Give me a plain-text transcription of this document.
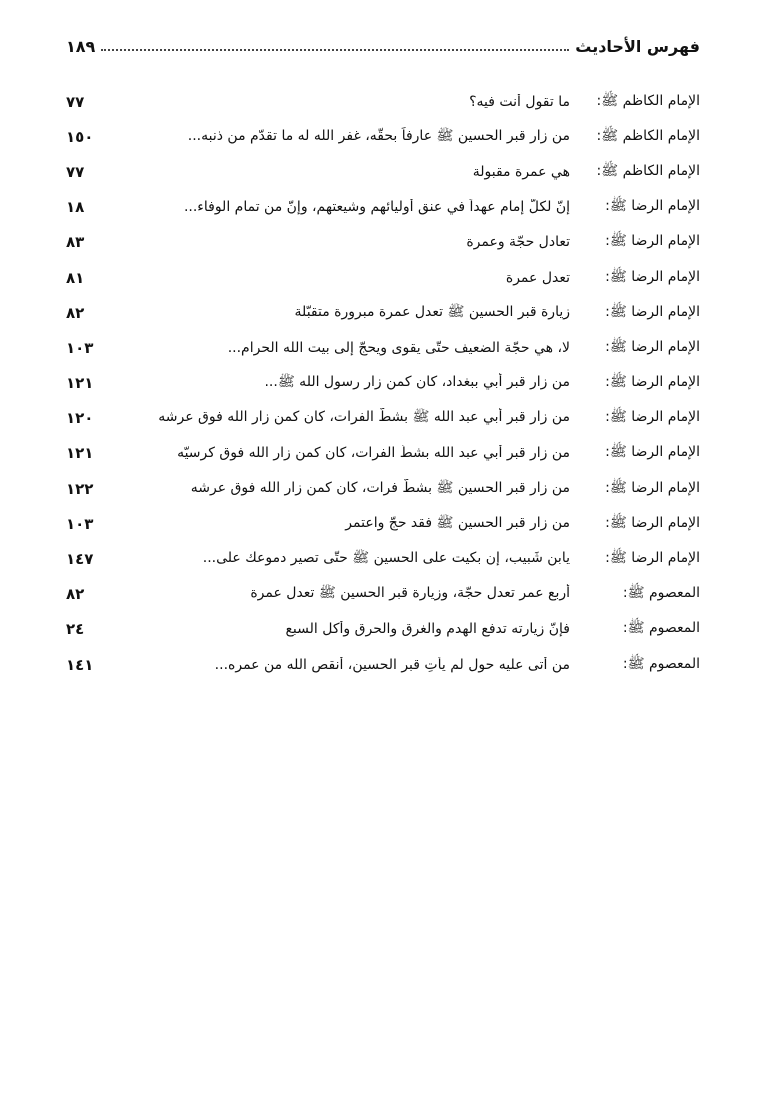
فهرس الأحاديث
١٨٩
الإمام الكاظم ﷺ:
ما تقول أنت فيه؟
٧٧
الإمام الكاظم ﷺ:
من زار قبر الحسين ﷺ عارفاً بحقّه، غفر الله له ما تقدّم من ذنبه...
١٥٠
الإمام الكاظم ﷺ:
هي عمرة مقبولة
٧٧
الإمام الرضا ﷺ:
إنّ لكلّ إمام عهداً في عنق أوليائهم وشيعتهم، وإنّ من تمام الوفاء...
١٨
الإمام الرضا ﷺ:
تعادل حجّة وعمرة
٨٣
الإمام الرضا ﷺ:
تعدل عمرة
٨١
الإمام الرضا ﷺ:
زيارة قبر الحسين ﷺ تعدل عمرة مبرورة متقبّلة
٨٢
الإمام الرضا ﷺ:
لا، هي حجّة الضعيف حتّى يقوى ويحجّ إلى بيت الله الحرام...
١٠٣
الإمام الرضا ﷺ:
من زار قبر أبي ببغداد، كان كمن زار رسول الله ﷺ...
١٢١
الإمام الرضا ﷺ:
من زار قبر أبي عبد الله ﷺ بشطّ الفرات، كان كمن زار الله فوق عرشه
١٢٠
الإمام الرضا ﷺ:
من زار قبر أبي عبد الله بشطّ الفرات، كان كمن زار الله فوق كرسيّه
١٢١
الإمام الرضا ﷺ:
من زار قبر الحسين ﷺ بشطّ فرات، كان كمن زار الله فوق عرشه
١٢٢
الإمام الرضا ﷺ:
من زار قبر الحسين ﷺ فقد حجّ واعتمر
١٠٣
الإمام الرضا ﷺ:
يابن شَبيب، إن بكيت على الحسين ﷺ حتّى تصير دموعك على...
١٤٧
المعصوم ﷺ:
أربع عمر تعدل حجّة، وزيارة قبر الحسين ﷺ تعدل عمرة
٨٢
المعصوم ﷺ:
فإنّ زيارته تدفع الهدم والغرق والحرق وأكل السبع
٢٤
المعصوم ﷺ:
من أتى عليه حول لم يأتِ قبر الحسين، أنقص الله من عمره...
١٤١
